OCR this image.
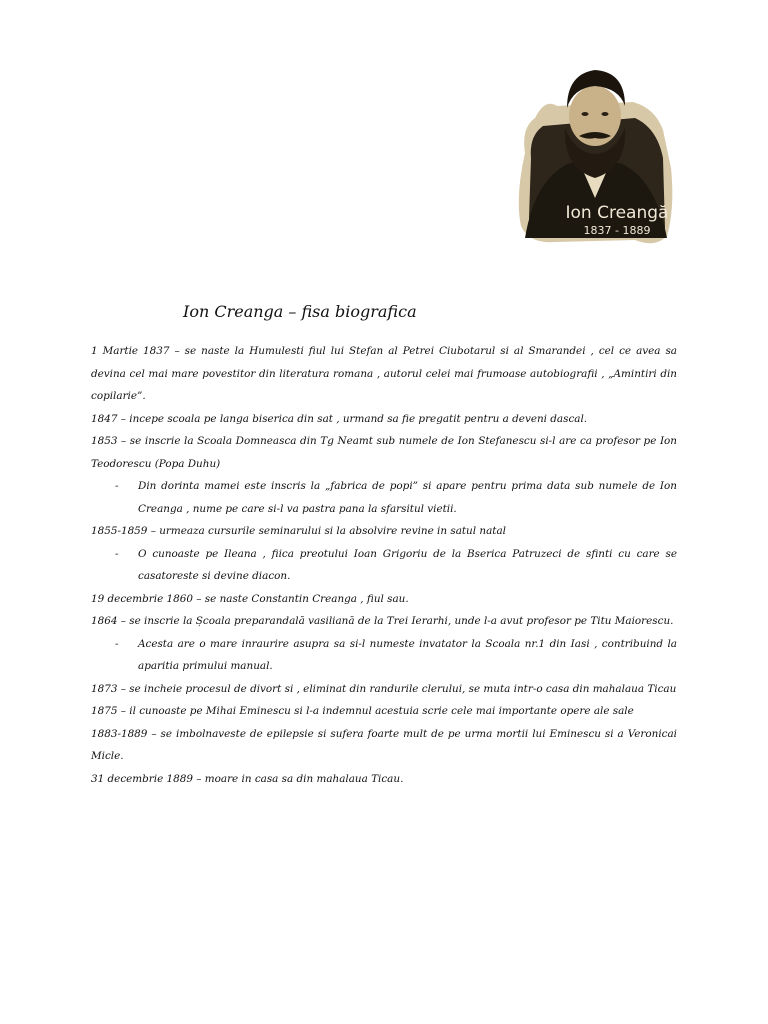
Ion Creangă
1837 - 1889
Ion Creanga – fisa biografica

1 Martie 1837 – se naste la Humulesti fiul lui Stefan al Petrei Ciubotarul si al Smarandei , cel ce avea sa devina cel mai mare povestitor din literatura romana , autorul celei mai frumoase autobiografii , „Amintiri din copilarie”.

1847 – incepe scoala pe langa biserica din sat , urmand sa fie pregatit pentru a deveni dascal.

1853 – se inscrie la Scoala Domneasca din Tg Neamt sub numele de Ion Stefanescu si-l are ca profesor pe Ion Teodorescu (Popa Duhu)

- Din dorinta mamei este inscris la „fabrica de popi” si apare pentru prima data sub numele de Ion Creanga , nume pe care si-l va pastra pana la sfarsitul vietii.

1855-1859 – urmeaza cursurile seminarului si la absolvire revine in satul natal

- O cunoaste pe Ileana , fiica preotului Ioan Grigoriu de la Bserica Patruzeci de sfinti cu care se casatoreste si devine diacon.

19 decembrie 1860 – se naste Constantin Creanga , fiul sau.

1864 – se inscrie la Școala preparandală vasiliană de la Trei Ierarhi, unde l-a avut profesor pe Titu Maiorescu.

- Acesta are o mare inraurire asupra sa si-l numeste invatator la Scoala nr.1 din Iasi , contribuind la aparitia primului manual.

1873 – se incheie procesul de divort si , eliminat din randurile clerului, se muta intr-o casa din mahalaua Ticau

1875 – il cunoaste pe Mihai Eminescu si l-a indemnul acestuia scrie cele mai importante opere ale sale

1883-1889 – se imbolnaveste de epilepsie si sufera foarte mult de pe urma mortii lui Eminescu si a Veronicai Micle.

31 decembrie 1889 – moare in casa sa din mahalaua Ticau.
